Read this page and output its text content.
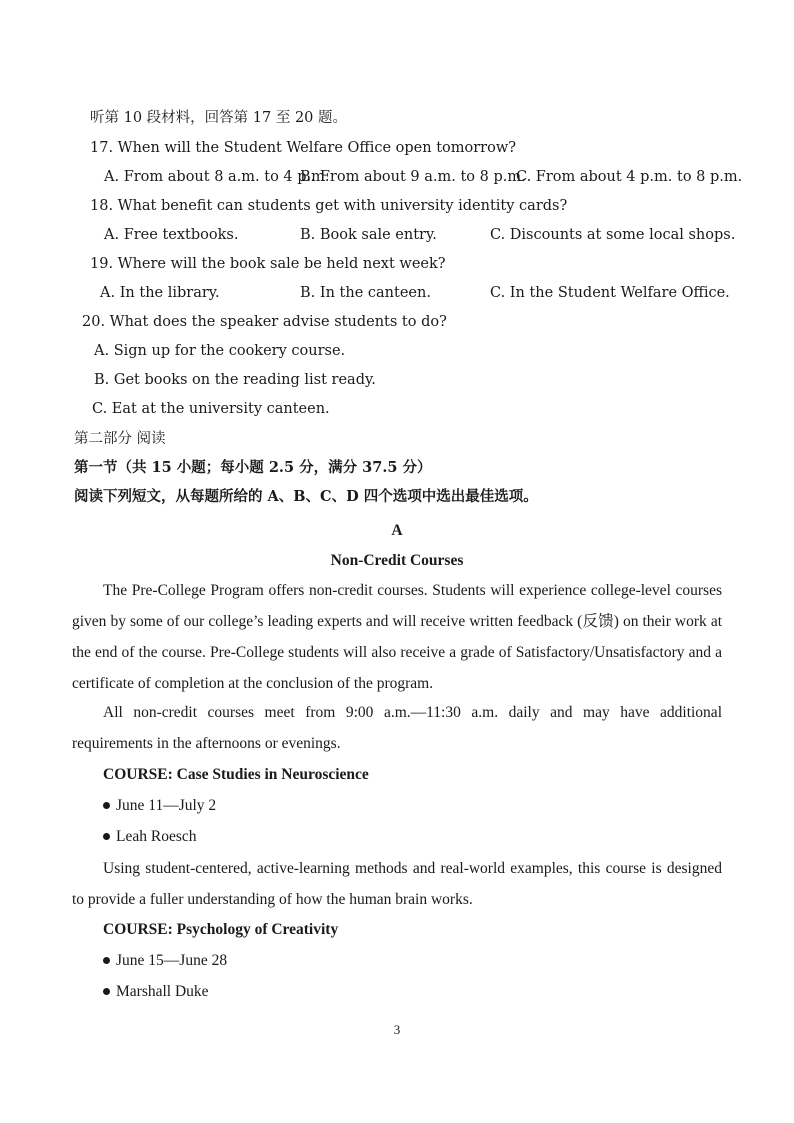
听第 10 段材料，回答第 17 至 20 题。
17. When will the Student Welfare Office open tomorrow?
A. From about 8 a.m. to 4 p.m.
B. From about 9 a.m. to 8 p.m.
C. From about 4 p.m. to 8 p.m.
18. What benefit can students get with university identity cards?
A. Free textbooks.	B. Book sale entry.	C. Discounts at some local shops.
19. Where will the book sale be held next week?
A. In the library.	B. In the canteen.	C. In the Student Welfare Office.
20. What does the speaker advise students to do?
A. Sign up for the cookery course.
B. Get books on the reading list ready.
C. Eat at the university canteen.
第二部分 阅读
第一节（共 15 小题；每小题 2.5 分，满分 37.5 分）
阅读下列短文，从每题所给的 A、B、C、D 四个选项中选出最佳选项。
A
Non-Credit Courses
The Pre-College Program offers non-credit courses. Students will experience college-level courses given by some of our college’s leading experts and will receive written feedback (反馈) on their work at the end of the course. Pre-College students will also receive a grade of Satisfactory/Unsatisfactory and a certificate of completion at the conclusion of the program.
All non-credit courses meet from 9:00 a.m.—11:30 a.m. daily and may have additional requirements in the afternoons or evenings.
COURSE: Case Studies in Neuroscience
June 11—July 2
Leah Roesch
Using student-centered, active-learning methods and real-world examples, this course is designed to provide a fuller understanding of how the human brain works.
COURSE: Psychology of Creativity
June 15—June 28
Marshall Duke
3
